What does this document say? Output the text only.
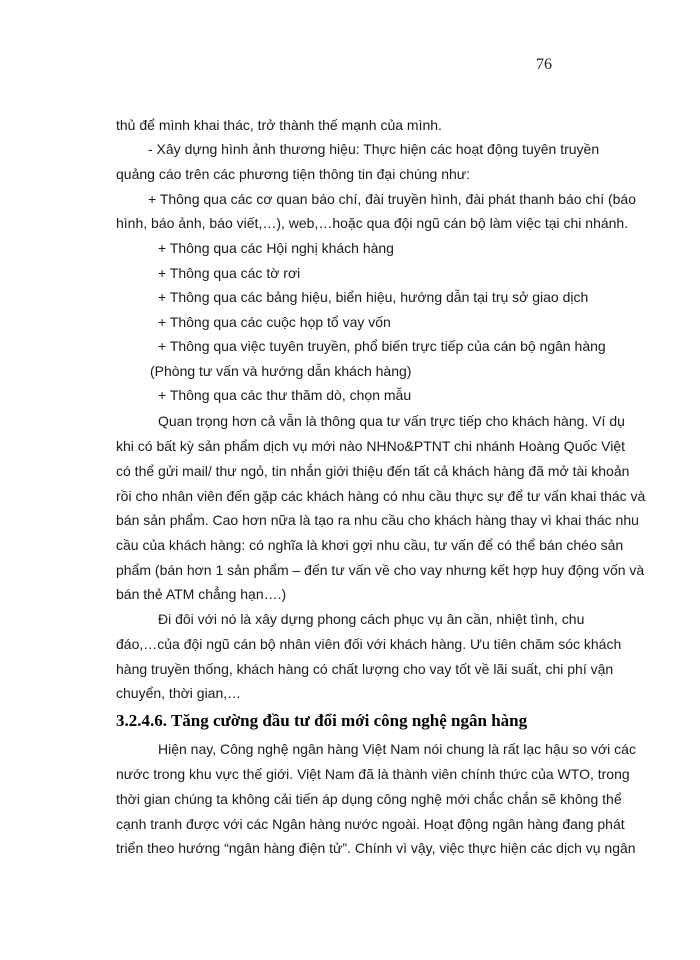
76
thủ để mình khai thác, trở thành thế mạnh của mình.
- Xây dựng hình ảnh thương hiệu: Thực hiện các hoạt động tuyên truyền
quảng cáo trên các phương tiện thông tin đại chúng như:
+ Thông qua các cơ quan báo chí, đài truyền hình, đài phát thanh báo chí (báo
hình, báo ảnh, báo viết,…), web,…hoặc qua đội ngũ cán bộ làm việc tại chi nhánh.
+ Thông qua các Hội nghị khách hàng
+ Thông qua các tờ rơi
+ Thông qua các bảng hiệu, biển hiệu, hướng dẫn tại trụ sở giao dịch
+ Thông qua các cuộc họp tổ vay vốn
+ Thông qua việc tuyên truyền, phổ biến trực tiếp của cán bộ ngân hàng
(Phòng tư vấn và hướng dẫn khách hàng)
+ Thông qua các thư thăm dò, chọn mẫu
Quan trọng hơn cả vẫn là thông qua tư vấn trực tiếp cho khách hàng. Ví dụ
khi có bất kỳ sản phẩm dịch vụ mới nào NHNo&PTNT chi nhánh Hoàng Quốc Việt
có thể gửi mail/ thư ngỏ, tin nhắn giới thiệu đến tất cả khách hàng đã mở tài khoản
rồi cho nhân viên đến gặp các khách hàng có nhu cầu thực sự để tư vấn khai thác và
bán sản phẩm. Cao hơn nữa là tạo ra nhu cầu cho khách hàng thay vì khai thác nhu
cầu của khách hàng: có nghĩa là khơi gợi nhu cầu, tư vấn để có thể bán chéo sản
phẩm (bán hơn 1 sản phẩm – đến tư vấn về cho vay nhưng kết hợp huy động vốn và
bán thẻ ATM chẳng hạn….)
Đi đôi với nó là xây dựng phong cách phục vụ ân cần, nhiệt tình, chu
đáo,…của đội ngũ cán bộ nhân viên đối với khách hàng. Ưu tiên chăm sóc khách
hàng truyền thống, khách hàng có chất lượng cho vay tốt về lãi suất, chi phí vận
chuyển, thời gian,…
3.2.4.6. Tăng cường đầu tư đổi mới công nghệ ngân hàng
Hiện nay, Công nghệ ngân hàng Việt Nam nói chung là rất lạc hậu so với các
nước trong khu vực thế giới. Việt Nam đã là thành viên chính thức của WTO, trong
thời gian chúng ta không cải tiến áp dụng công nghệ mới chắc chắn sẽ không thể
cạnh tranh được với các Ngân hàng nước ngoài. Hoạt động ngân hàng đang phát
triển theo hướng “ngân hàng điện tử”. Chính vì vậy, việc thực hiện các dịch vụ ngân
